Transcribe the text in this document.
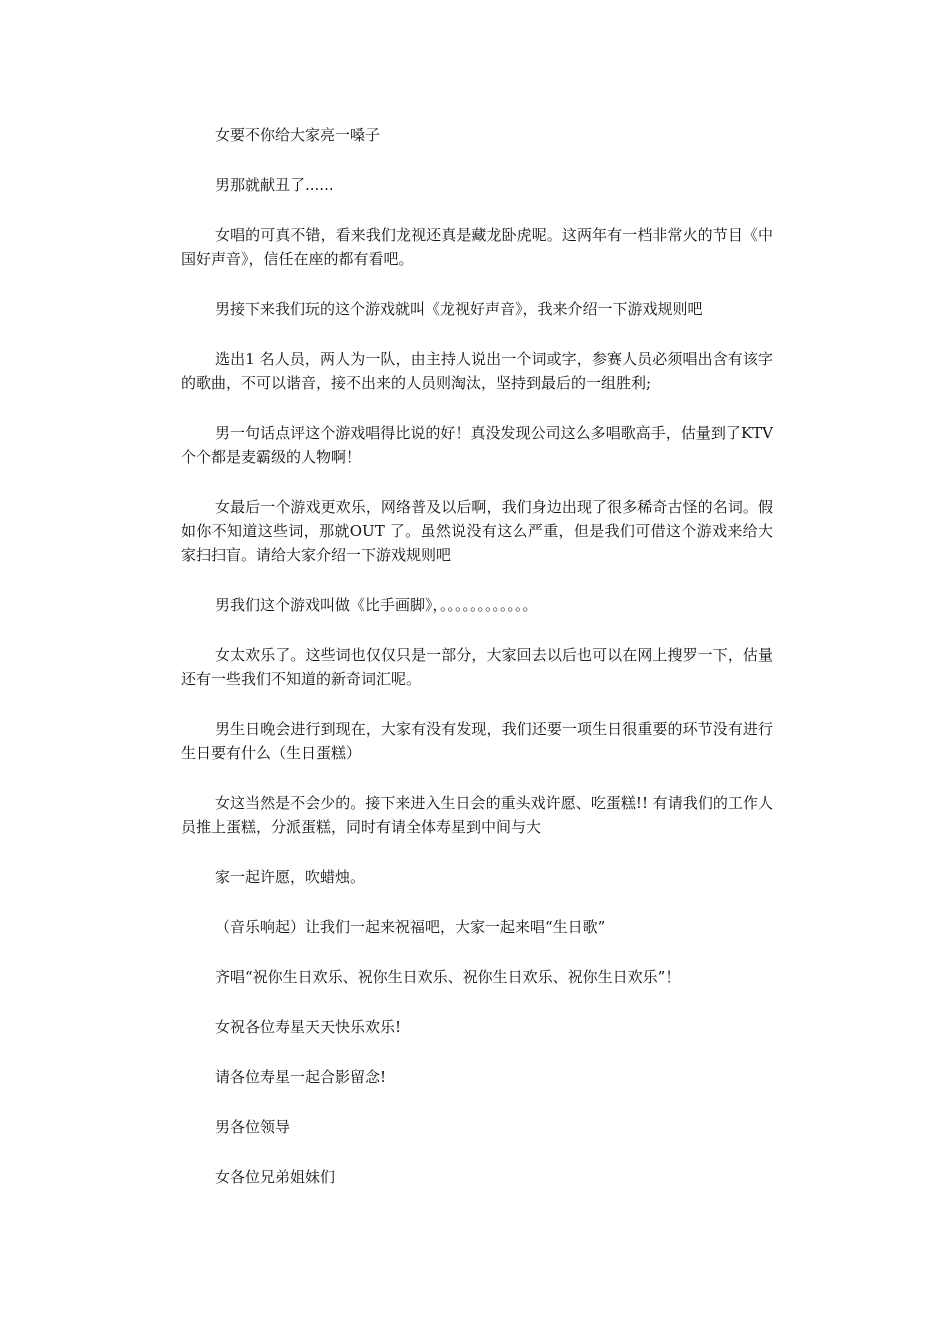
女要不你给大家亮一嗓子

男那就献丑了......

女唱的可真不错，看来我们龙视还真是藏龙卧虎呢。这两年有一档非常火的节目《中国好声音》，信任在座的都有看吧。

男接下来我们玩的这个游戏就叫《龙视好声音》，我来介绍一下游戏规则吧

选出1 名人员，两人为一队，由主持人说出一个词或字，参赛人员必须唱出含有该字的歌曲，不可以谐音，接不出来的人员则淘汰，坚持到最后的一组胜利;

男一句话点评这个游戏唱得比说的好！真没发现公司这么多唱歌高手，估量到了KTV 个个都是麦霸级的人物啊！

女最后一个游戏更欢乐，网络普及以后啊，我们身边出现了很多稀奇古怪的名词。假如你不知道这些词，那就OUT 了。虽然说没有这么严重，但是我们可借这个游戏来给大家扫扫盲。请给大家介绍一下游戏规则吧

男我们这个游戏叫做《比手画脚》，。。。。。。。。。。。。

女太欢乐了。这些词也仅仅只是一部分，大家回去以后也可以在网上搜罗一下，估量还有一些我们不知道的新奇词汇呢。

男生日晚会进行到现在，大家有没有发现，我们还要一项生日很重要的环节没有进行生日要有什么（生日蛋糕）

女这当然是不会少的。接下来进入生日会的重头戏许愿、吃蛋糕!! 有请我们的工作人员推上蛋糕，分派蛋糕，同时有请全体寿星到中间与大

家一起许愿，吹蜡烛。

（音乐响起）让我们一起来祝福吧，大家一起来唱“生日歌”

齐唱“祝你生日欢乐、祝你生日欢乐、祝你生日欢乐、祝你生日欢乐”！

女祝各位寿星天天快乐欢乐!

请各位寿星一起合影留念!

男各位领导

女各位兄弟姐妹们
